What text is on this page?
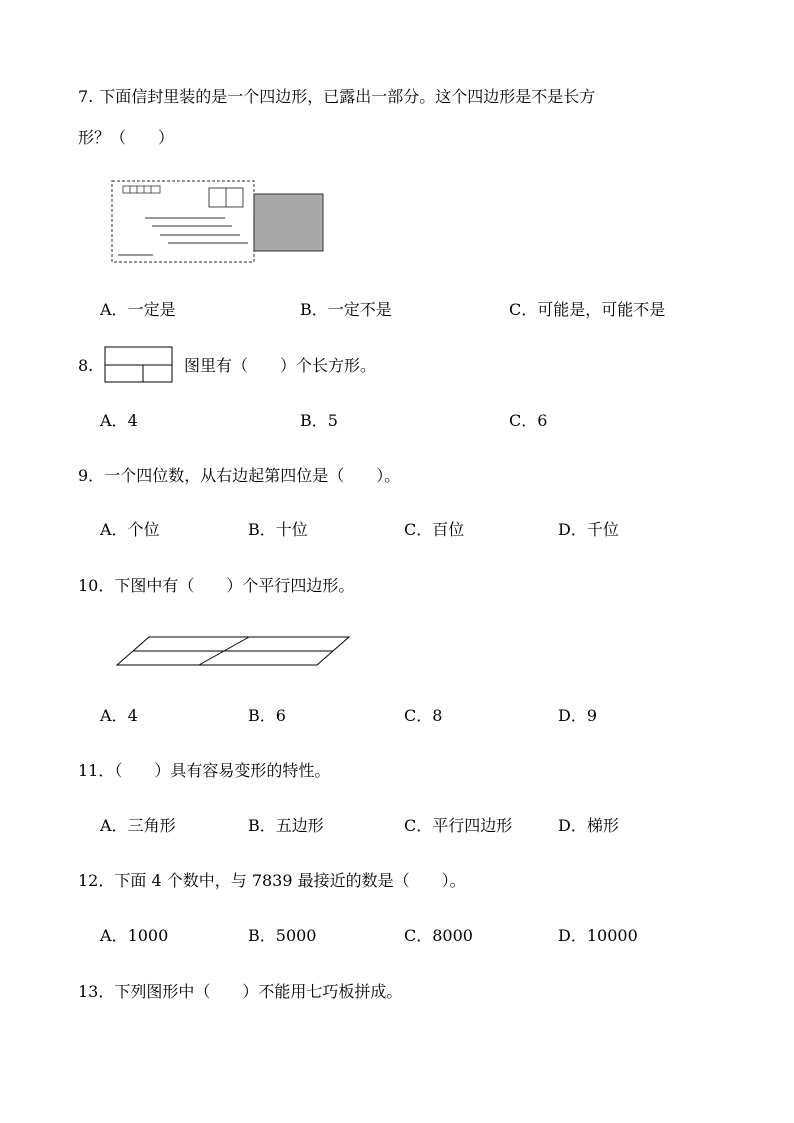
7. 下面信封里装的是一个四边形，已露出一部分。这个四边形是不是长方
形？（　　）
A．一定是	B．一定不是	C．可能是，可能不是
8.	图里有（　　）个长方形。
A．4	B．5	C．6
9．一个四位数，从右边起第四位是（　　）。
A．个位	B．十位	C．百位	D．千位
10．下图中有（　　）个平行四边形。
A．4	B．6	C．8	D．9
11．（　　）具有容易变形的特性。
A．三角形	B．五边形	C．平行四边形	D．梯形
12．下面 4 个数中，与 7839 最接近的数是（　　）。
A．1000	B．5000	C．8000	D．10000
13．下列图形中（　　）不能用七巧板拼成。
